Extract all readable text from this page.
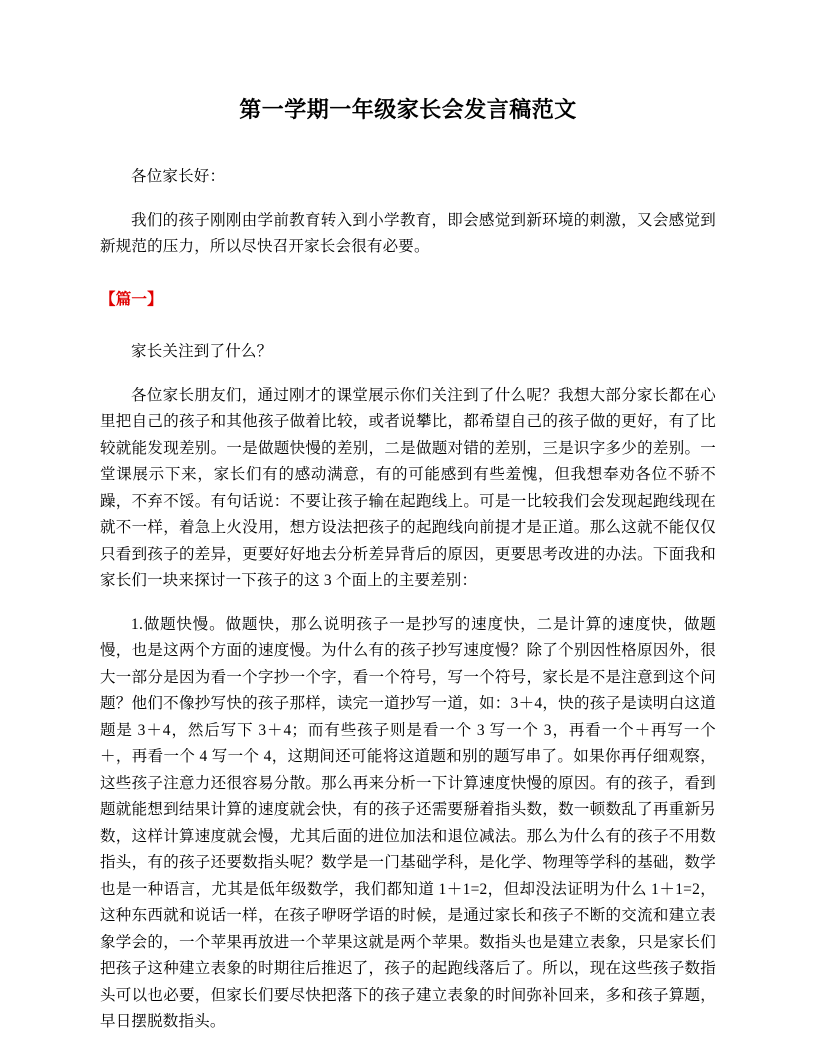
第一学期一年级家长会发言稿范文

各位家长好：

我们的孩子刚刚由学前教育转入到小学教育，即会感觉到新环境的刺激，又会感觉到新规范的压力，所以尽快召开家长会很有必要。

【篇一】

家长关注到了什么？

各位家长朋友们，通过刚才的课堂展示你们关注到了什么呢？我想大部分家长都在心里把自己的孩子和其他孩子做着比较，或者说攀比，都希望自己的孩子做的更好，有了比较就能发现差别。一是做题快慢的差别，二是做题对错的差别，三是识字多少的差别。一堂课展示下来，家长们有的感动满意，有的可能感到有些羞愧，但我想奉劝各位不骄不躁，不弃不馁。有句话说：不要让孩子输在起跑线上。可是一比较我们会发现起跑线现在就不一样，着急上火没用，想方设法把孩子的起跑线向前提才是正道。那么这就不能仅仅只看到孩子的差异，更要好好地去分析差异背后的原因，更要思考改进的办法。下面我和家长们一块来探讨一下孩子的这 3 个面上的主要差别：

1.做题快慢。做题快，那么说明孩子一是抄写的速度快，二是计算的速度快，做题慢，也是这两个方面的速度慢。为什么有的孩子抄写速度慢？除了个别因性格原因外，很大一部分是因为看一个字抄一个字，看一个符号，写一个符号，家长是不是注意到这个问题？他们不像抄写快的孩子那样，读完一道抄写一道，如：3＋4，快的孩子是读明白这道题是 3＋4，然后写下 3＋4；而有些孩子则是看一个 3 写一个 3，再看一个＋再写一个＋，再看一个 4 写一个 4，这期间还可能将这道题和别的题写串了。如果你再仔细观察，这些孩子注意力还很容易分散。那么再来分析一下计算速度快慢的原因。有的孩子，看到题就能想到结果计算的速度就会快，有的孩子还需要掰着指头数，数一顿数乱了再重新另数，这样计算速度就会慢，尤其后面的进位加法和退位减法。那么为什么有的孩子不用数指头，有的孩子还要数指头呢？数学是一门基础学科，是化学、物理等学科的基础，数学也是一种语言，尤其是低年级数学，我们都知道 1＋1=2，但却没法证明为什么 1＋1=2，这种东西就和说话一样，在孩子咿呀学语的时候，是通过家长和孩子不断的交流和建立表象学会的，一个苹果再放进一个苹果这就是两个苹果。数指头也是建立表象，只是家长们把孩子这种建立表象的时期往后推迟了，孩子的起跑线落后了。所以，现在这些孩子数指头可以也必要，但家长们要尽快把落下的孩子建立表象的时间弥补回来，多和孩子算题，早日摆脱数指头。
